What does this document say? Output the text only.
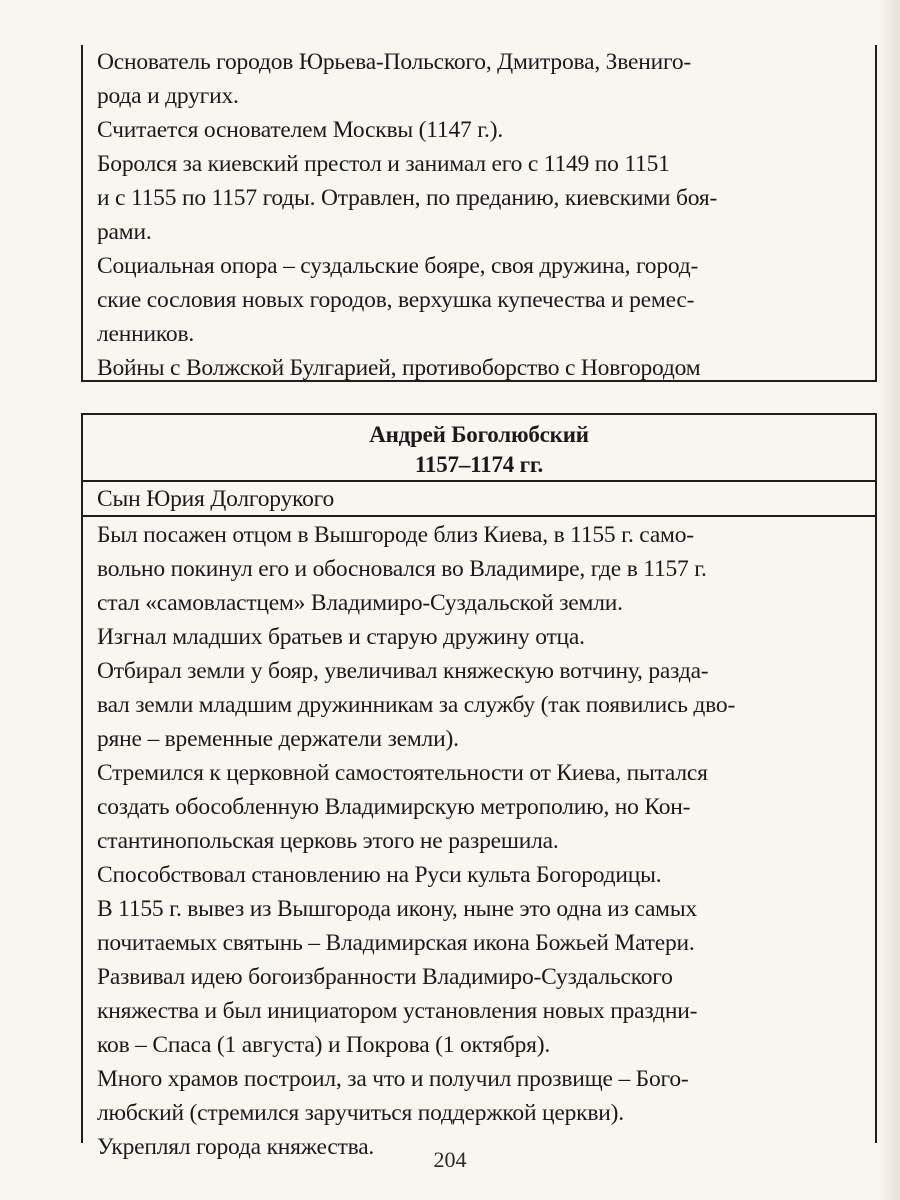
Основатель городов Юрьева-Польского, Дмитрова, Звениго-
рода и других.
Считается основателем Москвы (1147 г.).
Боролся за киевский престол и занимал его с 1149 по 1151
и с 1155 по 1157 годы. Отравлен, по преданию, киевскими боя-
рами.
Социальная опора – суздальские бояре, своя дружина, город-
ские сословия новых городов, верхушка купечества и ремес-
ленников.
Войны с Волжской Булгарией, противоборство с Новгородом
Андрей Боголюбский
1157–1174 гг.
Сын Юрия Долгорукого
Был посажен отцом в Вышгороде близ Киева, в 1155 г. само-
вольно покинул его и обосновался во Владимире, где в 1157 г.
стал «самовластцем» Владимиро-Суздальской земли.
Изгнал младших братьев и старую дружину отца.
Отбирал земли у бояр, увеличивал княжескую вотчину, разда-
вал земли младшим дружинникам за службу (так появились дво-
ряне – временные держатели земли).
Стремился к церковной самостоятельности от Киева, пытался
создать обособленную Владимирскую метрополию, но Кон-
стантинопольская церковь этого не разрешила.
Способствовал становлению на Руси культа Богородицы.
В 1155 г. вывез из Вышгорода икону, ныне это одна из самых
почитаемых святынь – Владимирская икона Божьей Матери.
Развивал идею богоизбранности Владимиро-Суздальского
княжества и был инициатором установления новых праздни-
ков – Спаса (1 августа) и Покрова (1 октября).
Много храмов построил, за что и получил прозвище – Бого-
любский (стремился заручиться поддержкой церкви).
Укреплял города княжества.	204
